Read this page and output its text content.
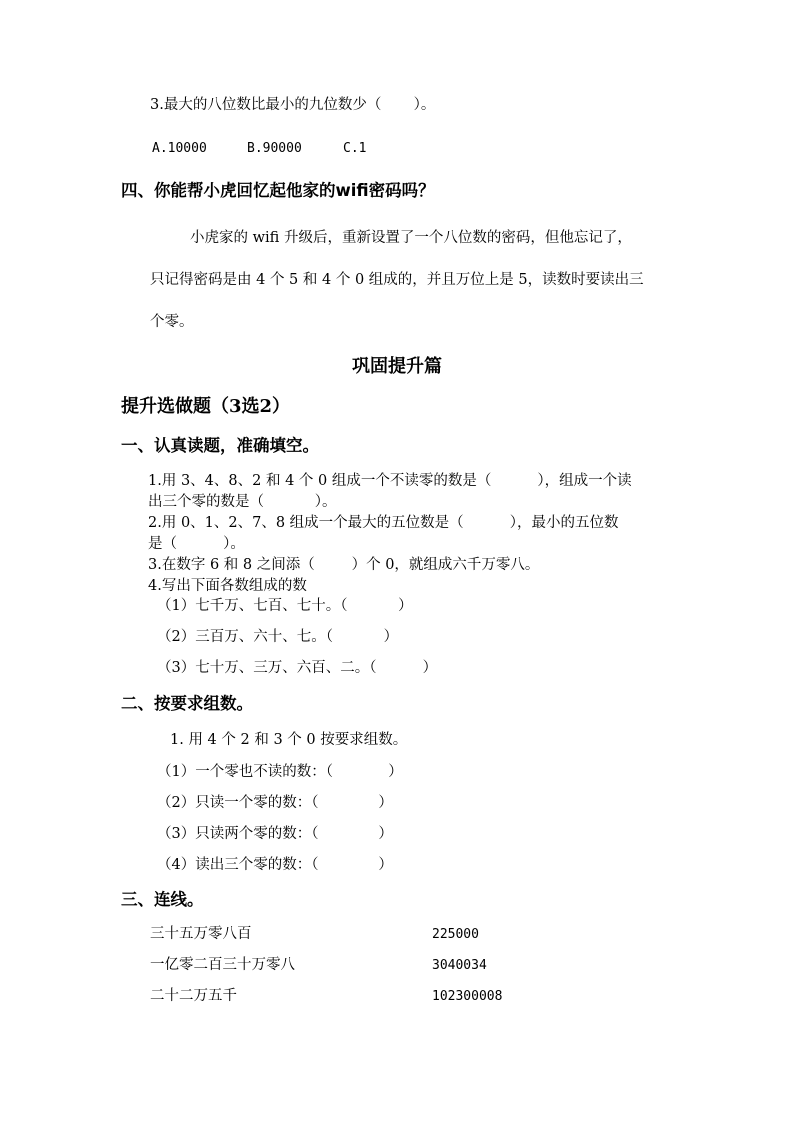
3.最大的八位数比最小的九位数少（       ）。
A.10000	B.90000	C.1
四、你能帮小虎回忆起他家的wifi密码吗？
小虎家的 wifi 升级后，重新设置了一个八位数的密码，但他忘记了，
只记得密码是由 4 个 5 和 4 个 0 组成的，并且万位上是 5，读数时要读出三
个零。
巩固提升篇
提升选做题（3选2）
一、认真读题，准确填空。
1.用 3、4、8、2 和 4 个 0 组成一个不读零的数是（          ），组成一个读
出三个零的数是（           ）。
2.用 0、1、2、7、8 组成一个最大的五位数是（          ），最小的五位数
是（          ）。
3.在数字 6 和 8 之间添（        ）个 0，就组成六千万零八。
4.写出下面各数组成的数
（1）七千万、七百、七十。（           ）
（2）三百万、六十、七。（           ）
（3）七十万、三万、六百、二。（          ）
二、按要求组数。
1. 用 4 个 2 和 3 个 0 按要求组数。
（1）一个零也不读的数：（            ）
（2）只读一个零的数：（             ）
（3）只读两个零的数：（             ）
（4）读出三个零的数：（             ）
三、连线。
三十五万零八百
一亿零二百三十万零八
二十二万五千
225000
3040034
102300008
